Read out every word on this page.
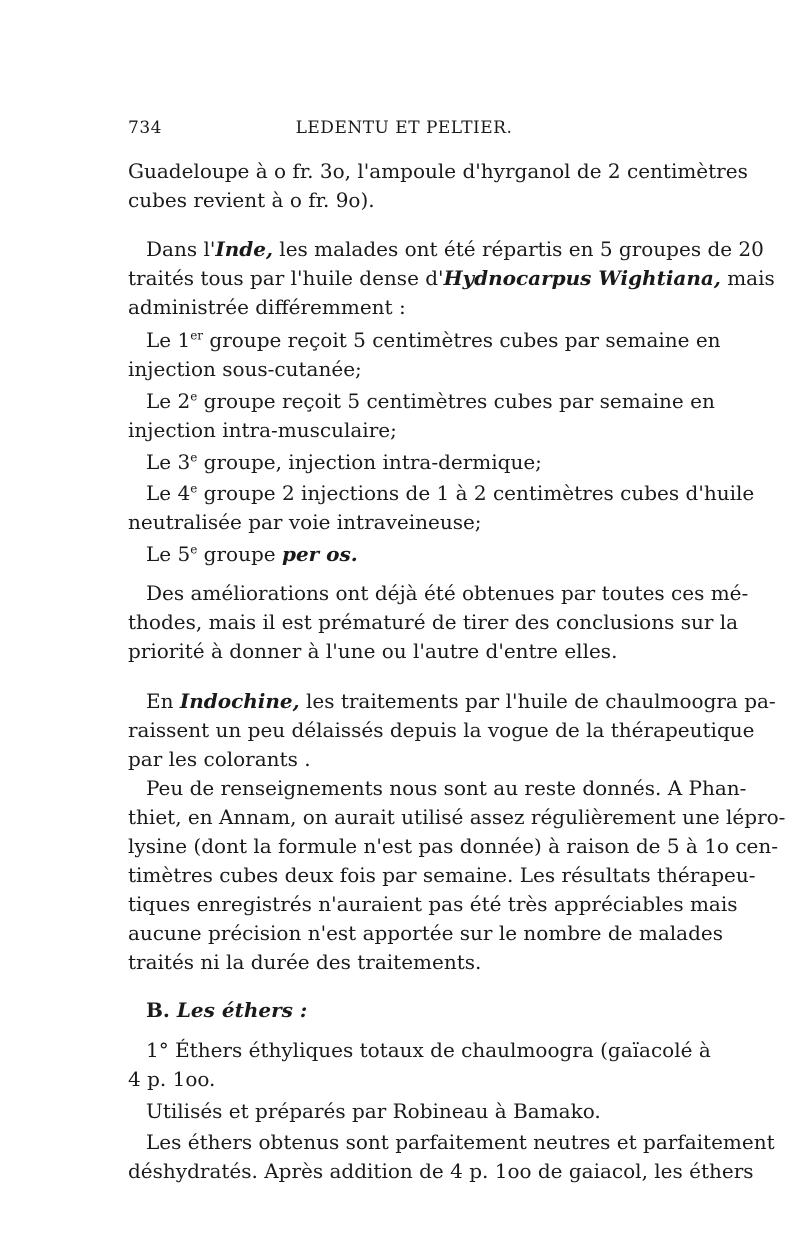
734	LEDENTU ET PELTIER.
Guadeloupe à o fr. 3o, l'ampoule d'hyrganol de 2 centimètres
cubes revient à o fr. 9o).
Dans l'Inde, les malades ont été répartis en 5 groupes de 20
traités tous par l'huile dense d'Hydnocarpus Wightiana, mais
administrée différemment :
Le 1er groupe reçoit 5 centimètres cubes par semaine en
injection sous-cutanée;
Le 2e groupe reçoit 5 centimètres cubes par semaine en
injection intra-musculaire;
Le 3e groupe, injection intra-dermique;
Le 4e groupe 2 injections de 1 à 2 centimètres cubes d'huile
neutralisée par voie intraveineuse;
Le 5e groupe per os.
Des améliorations ont déjà été obtenues par toutes ces mé-
thodes, mais il est prématuré de tirer des conclusions sur la
priorité à donner à l'une ou l'autre d'entre elles.
En Indochine, les traitements par l'huile de chaulmoogra pa-
raissent un peu délaissés depuis la vogue de la thérapeutique
par les colorants .
Peu de renseignements nous sont au reste donnés. A Phan-
thiet, en Annam, on aurait utilisé assez régulièrement une lépro-
lysine (dont la formule n'est pas donnée) à raison de 5 à 1o cen-
timètres cubes deux fois par semaine. Les résultats thérapeu-
tiques enregistrés n'auraient pas été très appréciables mais
aucune précision n'est apportée sur le nombre de malades
traités ni la durée des traitements.
B. Les éthers :
1° Éthers éthyliques totaux de chaulmoogra (gaïacolé à
4 p. 1oo.
Utilisés et préparés par Robineau à Bamako.
Les éthers obtenus sont parfaitement neutres et parfaitement
déshydratés. Après addition de 4 p. 1oo de gaiacol, les éthers
